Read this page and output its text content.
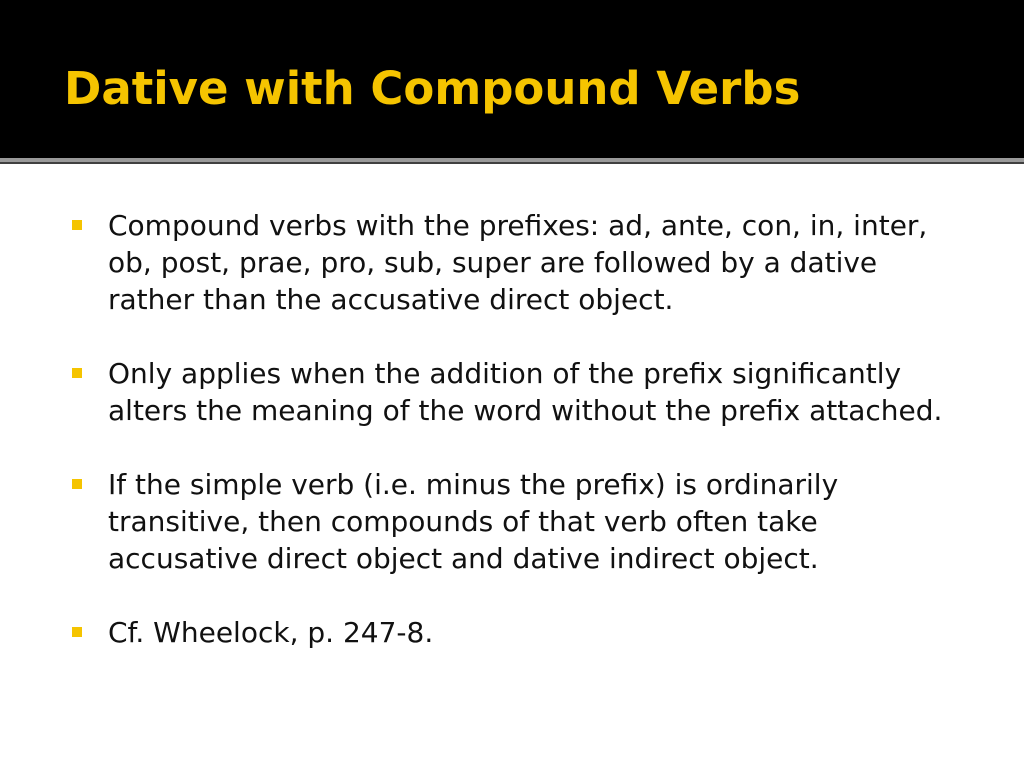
Dative with Compound Verbs
Compound verbs with the prefixes: ad, ante, con, in, inter, ob, post, prae, pro, sub, super are followed by a dative rather than the accusative direct object.
Only applies when the addition of the prefix significantly alters the meaning of the word without the prefix attached.
If the simple verb (i.e. minus the prefix) is ordinarily transitive, then compounds of that verb often take accusative direct object and dative indirect object.
Cf. Wheelock, p. 247-8.
